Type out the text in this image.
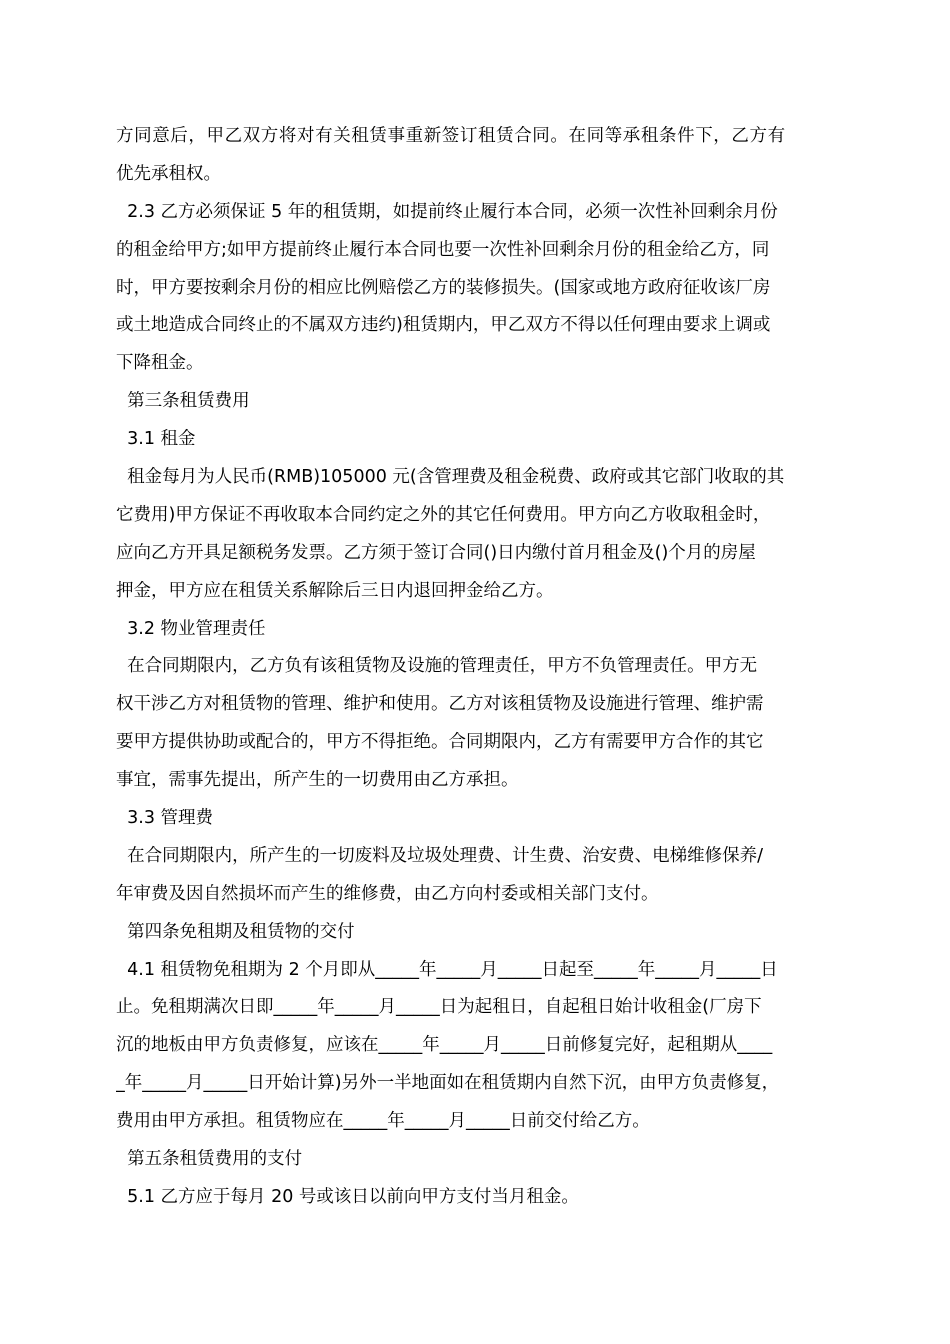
方同意后，甲乙双方将对有关租赁事重新签订租赁合同。在同等承租条件下，乙方有
优先承租权。
2.3 乙方必须保证 5 年的租赁期，如提前终止履行本合同，必须一次性补回剩余月份
的租金给甲方;如甲方提前终止履行本合同也要一次性补回剩余月份的租金给乙方，同
时，甲方要按剩余月份的相应比例赔偿乙方的装修损失。(国家或地方政府征收该厂房
或土地造成合同终止的不属双方违约)租赁期内，甲乙双方不得以任何理由要求上调或
下降租金。
第三条租赁费用
3.1 租金
租金每月为人民币(RMB)105000 元(含管理费及租金税费、政府或其它部门收取的其
它费用)甲方保证不再收取本合同约定之外的其它任何费用。甲方向乙方收取租金时，
应向乙方开具足额税务发票。乙方须于签订合同()日内缴付首月租金及()个月的房屋
押金，甲方应在租赁关系解除后三日内退回押金给乙方。
3.2 物业管理责任
在合同期限内，乙方负有该租赁物及设施的管理责任，甲方不负管理责任。甲方无
权干涉乙方对租赁物的管理、维护和使用。乙方对该租赁物及设施进行管理、维护需
要甲方提供协助或配合的，甲方不得拒绝。合同期限内，乙方有需要甲方合作的其它
事宜，需事先提出，所产生的一切费用由乙方承担。
3.3 管理费
在合同期限内，所产生的一切废料及垃圾处理费、计生费、治安费、电梯维修保养/
年审费及因自然损坏而产生的维修费，由乙方向村委或相关部门支付。
第四条免租期及租赁物的交付
4.1 租赁物免租期为 2 个月即从_____年_____月_____日起至_____年_____月_____日
止。免租期满次日即_____年_____月_____日为起租日，自起租日始计收租金(厂房下
沉的地板由甲方负责修复，应该在_____年_____月_____日前修复完好，起租期从____
_年_____月_____日开始计算)另外一半地面如在租赁期内自然下沉，由甲方负责修复，
费用由甲方承担。租赁物应在_____年_____月_____日前交付给乙方。
第五条租赁费用的支付
5.1 乙方应于每月 20 号或该日以前向甲方支付当月租金。
